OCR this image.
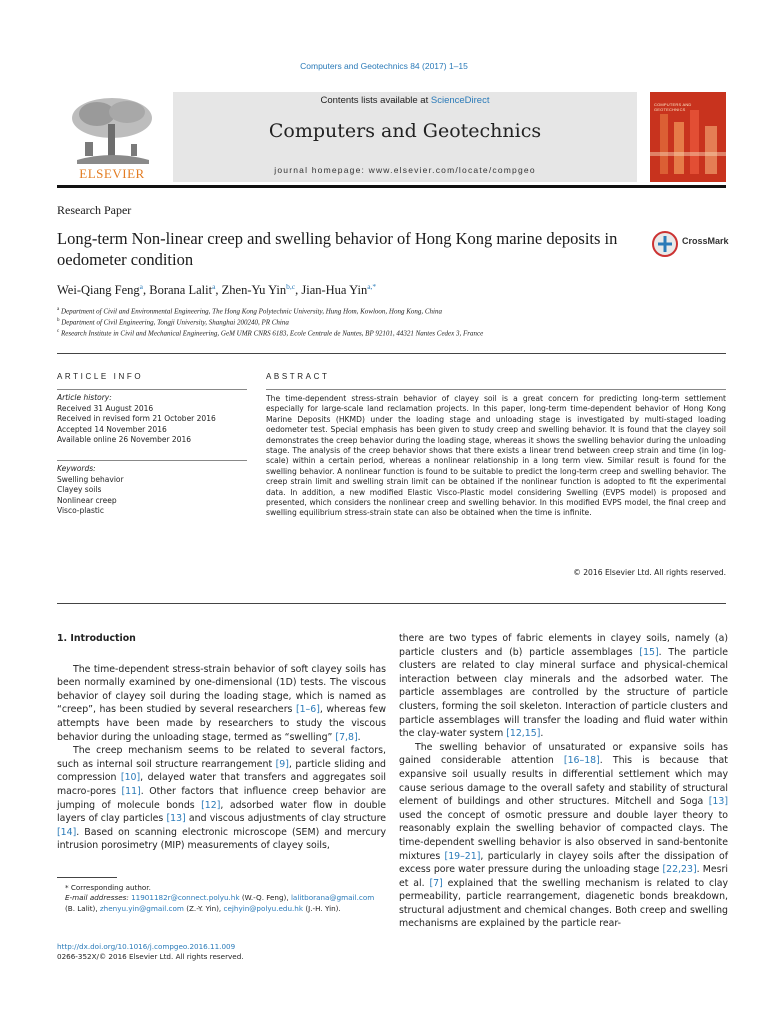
Computers and Geotechnics 84 (2017) 1–15
ELSEVIER
Contents lists available at ScienceDirect
Computers and Geotechnics
journal homepage: www.elsevier.com/locate/compgeo
COMPUTERS AND GEOTECHNICS
Research Paper
Long-term Non-linear creep and swelling behavior of Hong Kong marine deposits in oedometer condition
CrossMark
Wei-Qiang Feng$^a$, Borana Lalit$^a$, Zhen-Yu Yin$^{b,c}$, Jian-Hua Yin$^{a,*}$
$^a$ Department of Civil and Environmental Engineering, The Hong Kong Polytechnic University, Hung Hom, Kowloon, Hong Kong, China
$^b$ Department of Civil Engineering, Tongji University, Shanghai 200240, PR China
$^c$ Research Institute in Civil and Mechanical Engineering, GeM UMR CNRS 6183, Ecole Centrale de Nantes, BP 92101, 44321 Nantes Cedex 3, France
ARTICLE INFO
Article history:
Received 31 August 2016
Received in revised form 21 October 2016
Accepted 14 November 2016
Available online 26 November 2016
Keywords:
Swelling behavior
Clayey soils
Nonlinear creep
Visco-plastic
ABSTRACT
The time-dependent stress-strain behavior of clayey soil is a great concern for predicting long-term settlement especially for large-scale land reclamation projects. In this paper, long-term time-dependent behavior of Hong Kong Marine Deposits (HKMD) under the loading stage and unloading stage is investigated by multi-staged loading oedometer test. Special emphasis has been given to study creep and swelling behavior. It is found that the clayey soil demonstrates the creep behavior during the loading stage, whereas it shows the swelling behavior during the unloading stage. The analysis of the creep behavior shows that there exists a linear trend between creep strain and time (in log-scale) within a certain period, whereas a nonlinear relationship in a long term view. Similar result is found for the swelling behavior. A nonlinear function is found to be suitable to predict the long-term creep and swelling behavior. The creep strain limit and swelling strain limit can be obtained if the nonlinear function is adopted to fit the experimental data. In addition, a new modified Elastic Visco-Plastic model considering Swelling (EVPS model) is proposed and presented, which considers the nonlinear creep and swelling behavior. In this modified EVPS model, the final creep and swelling equilibrium stress-strain state can also be obtained when the time is infinite.
© 2016 Elsevier Ltd. All rights reserved.

1. Introduction

The time-dependent stress-strain behavior of soft clayey soils has been normally examined by one-dimensional (1D) tests. The viscous behavior of clayey soil during the loading stage, which is named as “creep”, has been studied by several researchers [1–6], whereas few attempts have been made by researchers to study the viscous behavior during the unloading stage, termed as “swelling” [7,8].

The creep mechanism seems to be related to several factors, such as internal soil structure rearrangement [9], particle sliding and compression [10], delayed water that transfers and aggregates soil macro-pores [11]. Other factors that influence creep behavior are jumping of molecule bonds [12], adsorbed water flow in double layers of clay particles [13] and viscous adjustments of clay structure [14]. Based on scanning electronic microscope (SEM) and mercury intrusion porosimetry (MIP) measurements of clayey soils,

there are two types of fabric elements in clayey soils, namely (a) particle clusters and (b) particle assemblages [15]. The particle clusters are related to clay mineral surface and physical-chemical interaction between clay minerals and the adsorbed water. The particle assemblages are controlled by the structure of particle clusters, forming the soil skeleton. Interaction of particle clusters and particle assemblages will transfer the loading and fluid water within the clay-water system [12,15].

The swelling behavior of unsaturated or expansive soils has gained considerable attention [16–18]. This is because that expansive soil usually results in differential settlement which may cause serious damage to the overall safety and stability of structural element of buildings and other structures. Mitchell and Soga [13] used the concept of osmotic pressure and double layer theory to reasonably explain the swelling behavior of compacted clays. The time-dependent swelling behavior is also observed in sand-bentonite mixtures [19–21], particularly in clayey soils after the dissipation of excess pore water pressure during the unloading stage [22,23]. Mesri et al. [7] explained that the swelling mechanism is related to clay permeability, particle rearrangement, diagenetic bonds breakdown, structural adjustment and chemical changes. Both creep and swelling mechanisms are explained by the particle rear-

* Corresponding author.
E-mail addresses: 11901182r@connect.polyu.hk (W.-Q. Feng), lalitborana@gmail.com (B. Lalit), zhenyu.yin@gmail.com (Z.-Y. Yin), cejhyin@polyu.edu.hk (J.-H. Yin).
http://dx.doi.org/10.1016/j.compgeo.2016.11.009
0266-352X/© 2016 Elsevier Ltd. All rights reserved.
